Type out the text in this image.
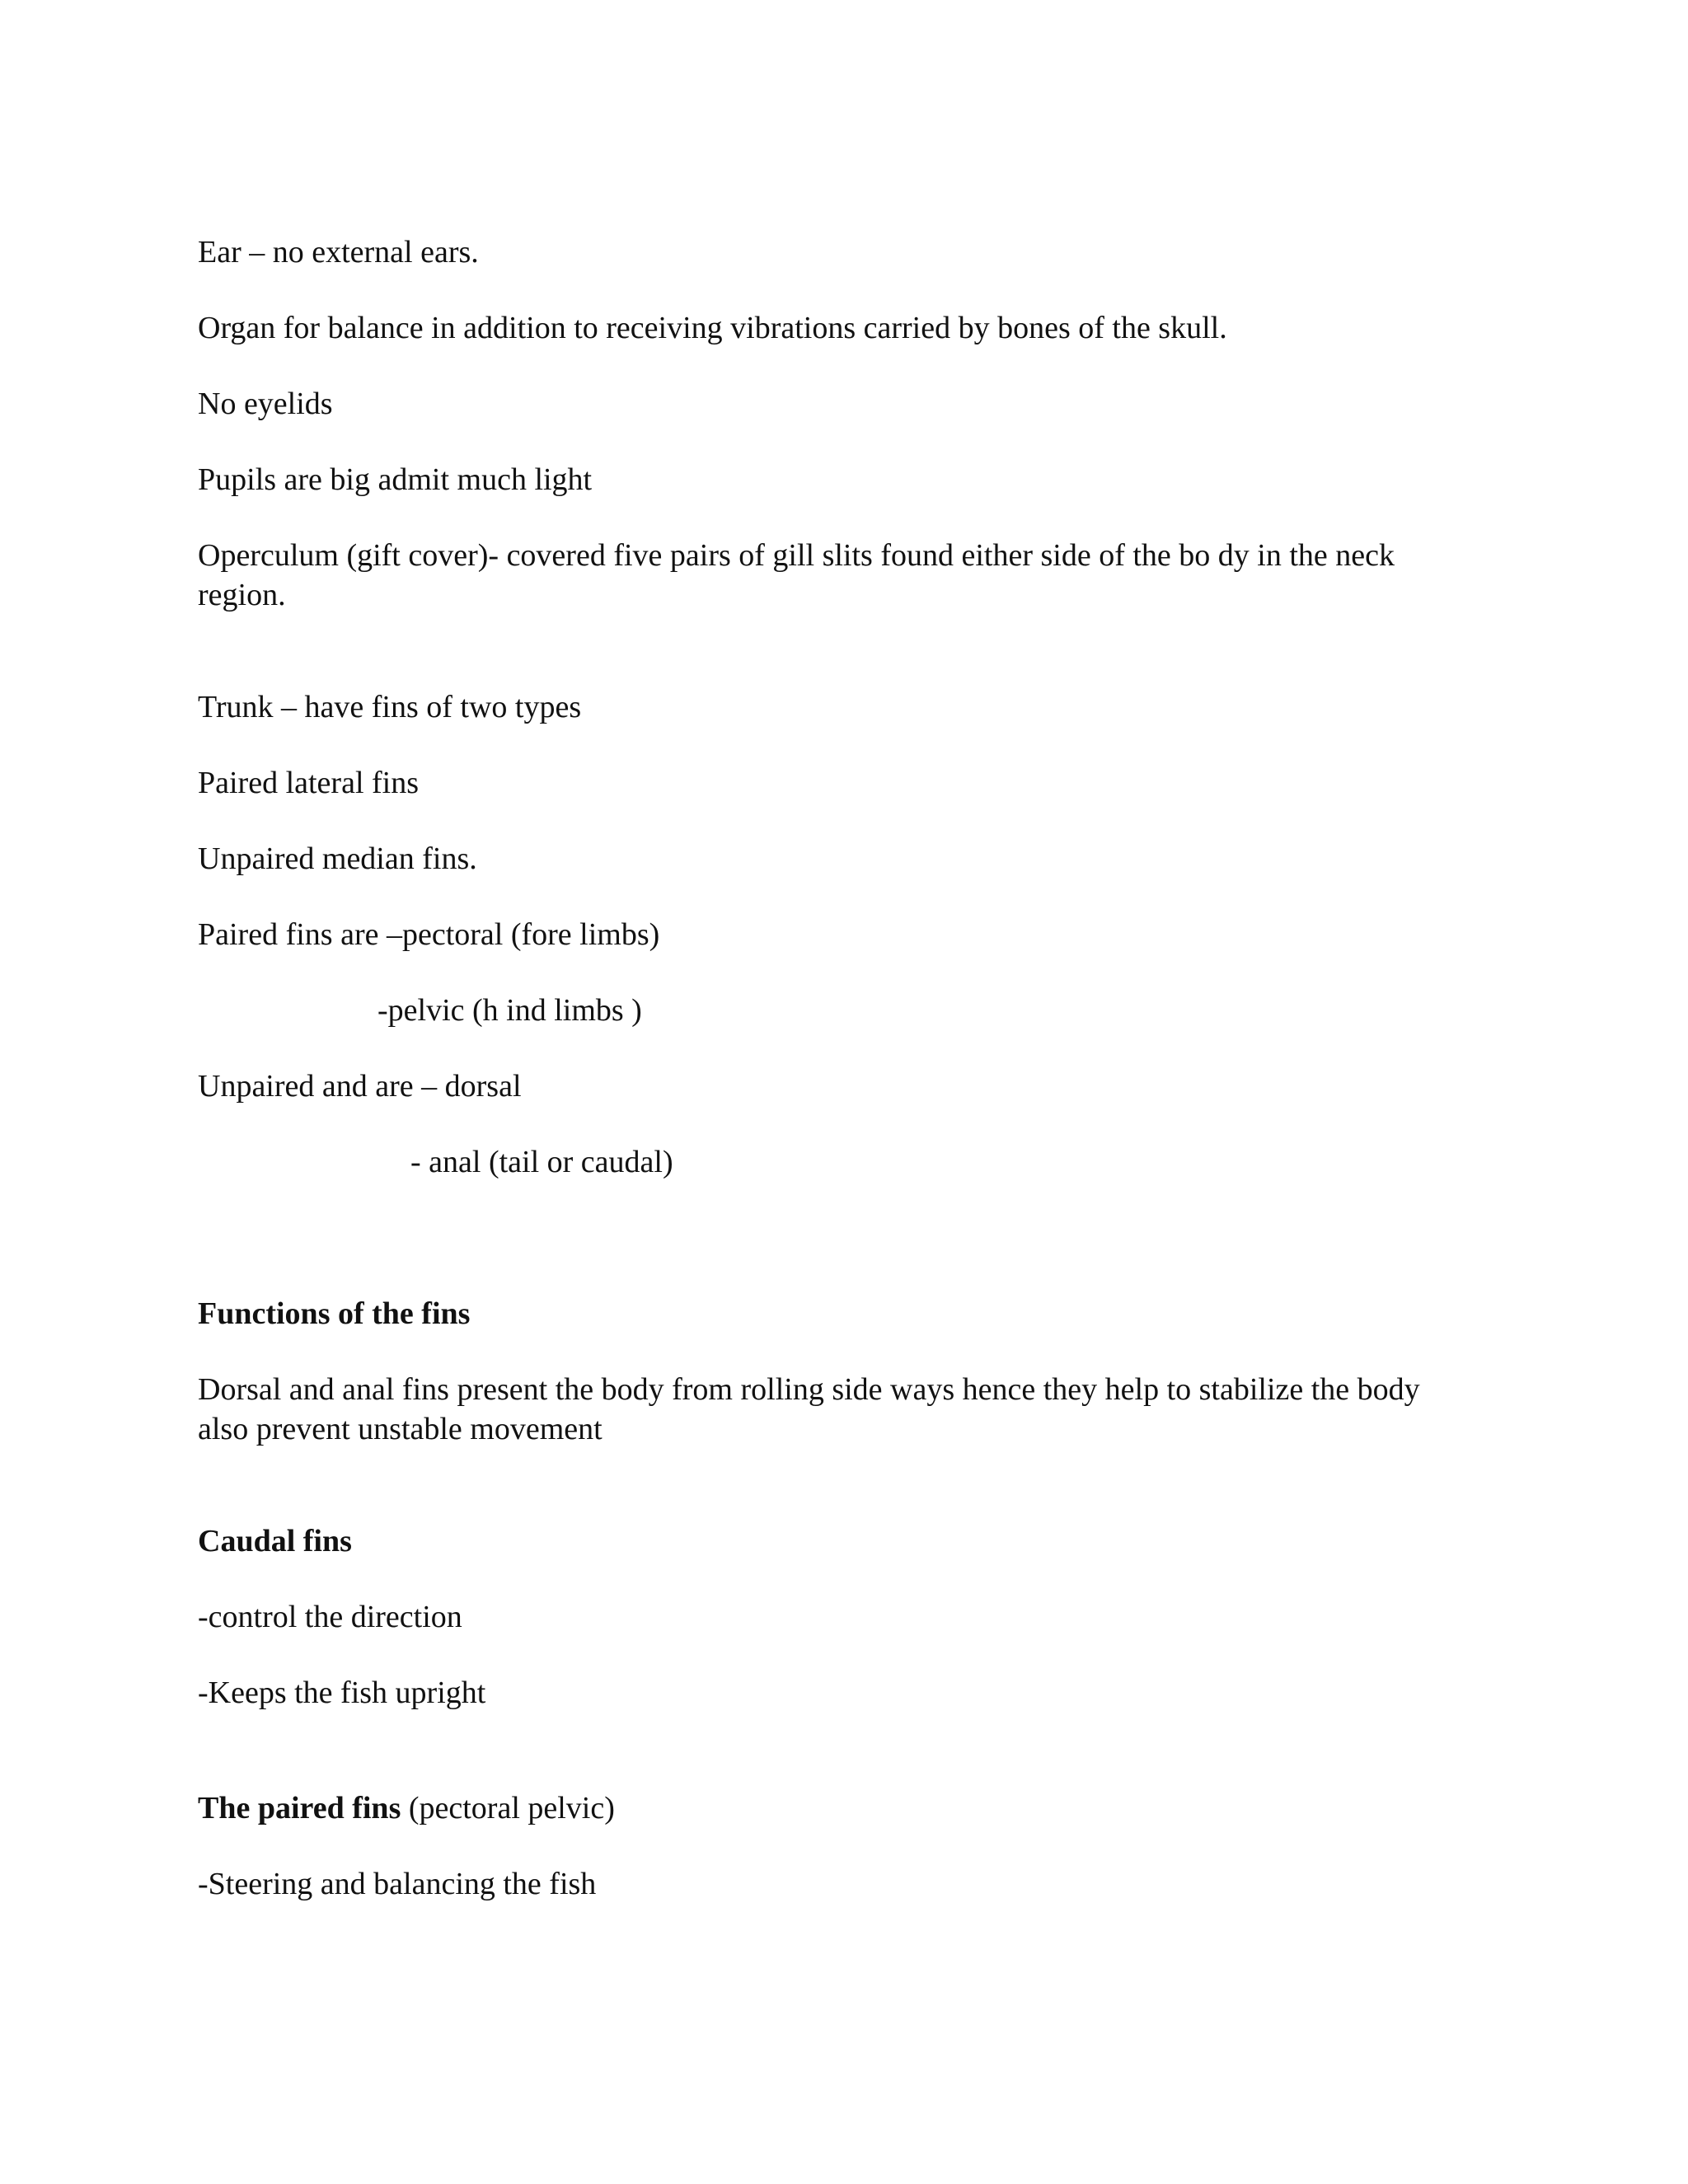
Ear – no external ears.

Organ for balance in addition to receiving vibrations carried by bones of the skull.

No eyelids

Pupils are big admit much light

Operculum (gift cover)- covered five pairs of gill slits found either side of the bo dy in the neck region.

Trunk – have fins of two types

Paired lateral fins

Unpaired median fins.

Paired fins are –pectoral (fore limbs)

-pelvic (h ind limbs )

Unpaired and are – dorsal

- anal (tail or caudal)

Functions of the fins

Dorsal and anal fins present the body from rolling side ways hence they help to stabilize the body also prevent unstable movement

Caudal fins

-control the direction

-Keeps the fish upright

The paired fins (pectoral pelvic)

-Steering and balancing the fish
